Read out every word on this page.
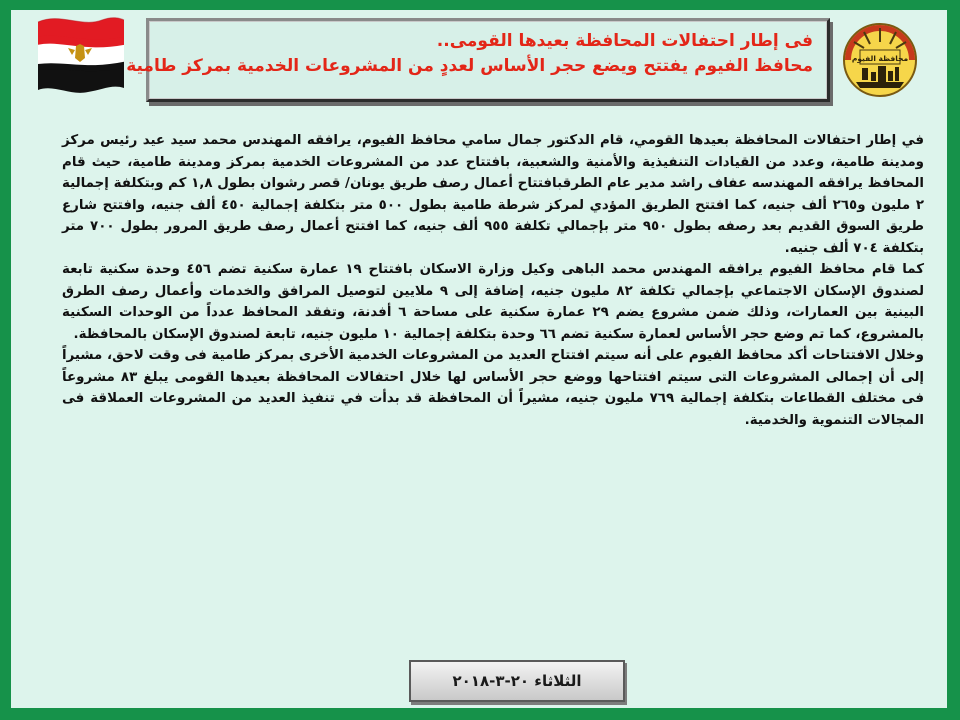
فى إطار احتفالات المحافظة بعيدها القومى..
محافظ الفيوم يفتتح ويضع حجر الأساس لعددٍ من المشروعات الخدمية بمركز طامية	محافظة الفيوم

في إطار احتفالات المحافظة بعيدها القومي، قام الدكتور جمال سامي محافظ الفيوم، يرافقه المهندس محمد سيد عيد رئيس مركز ومدينة طامية، وعدد من القيادات التنفيذية والأمنية والشعبية، بافتتاح عدد من المشروعات الخدمية بمركز ومدينة طامية، حيث قام المحافظ يرافقه المهندسه عفاف راشد مدير عام الطرقبافتتاح أعمال رصف طريق يونان/ قصر رشوان بطول ١,٨ كم وبتكلفة إجمالية ٢ مليون و٢٦٥ ألف جنيه، كما افتتح الطريق المؤدي لمركز شرطة طامية بطول ٥٠٠ متر بتكلفة إجمالية ٤٥٠ ألف جنيه، وافتتح شارع طريق السوق القديم بعد رصفه بطول ٩٥٠ متر بإجمالي تكلفة ٩٥٥ ألف جنيه، كما افتتح أعمال رصف طريق المرور بطول ٧٠٠ متر بتكلفة ٧٠٤ ألف جنيه.

كما قام محافظ الفيوم يرافقه المهندس محمد الباهى وكيل وزارة الاسكان بافتتاح ١٩ عمارة سكنية تضم ٤٥٦ وحدة سكنية تابعة لصندوق الإسكان الاجتماعي بإجمالي تكلفة ٨٢ مليون جنيه، إضافة إلى ٩ ملايين لتوصيل المرافق والخدمات وأعمال رصف الطرق البينية بين العمارات، وذلك ضمن مشروع يضم ٢٩ عمارة سكنية على مساحة ٦ أفدنة، وتفقد المحافظ عدداً من الوحدات السكنية بالمشروع، كما تم وضع حجر الأساس لعمارة سكنية تضم ٦٦ وحدة بتكلفة إجمالية ١٠ مليون جنيه، تابعة لصندوق الإسكان بالمحافظة.

وخلال الافتتاحات أكد محافظ الفيوم على أنه سيتم افتتاح العديد من المشروعات الخدمية الأخرى بمركز طامية فى وقت لاحق، مشيراً إلى أن إجمالى المشروعات التى سيتم افتتاحها ووضع حجر الأساس لها خلال احتفالات المحافظة بعيدها القومى يبلغ ٨٣ مشروعاً فى مختلف القطاعات بتكلفة إجمالية ٧٦٩ مليون جنيه، مشيراً أن المحافظة قد بدأت في تنفيذ العديد من المشروعات العملاقة فى المجالات التنموية والخدمية.

الثلاثاء ٢٠-٣-٢٠١٨
